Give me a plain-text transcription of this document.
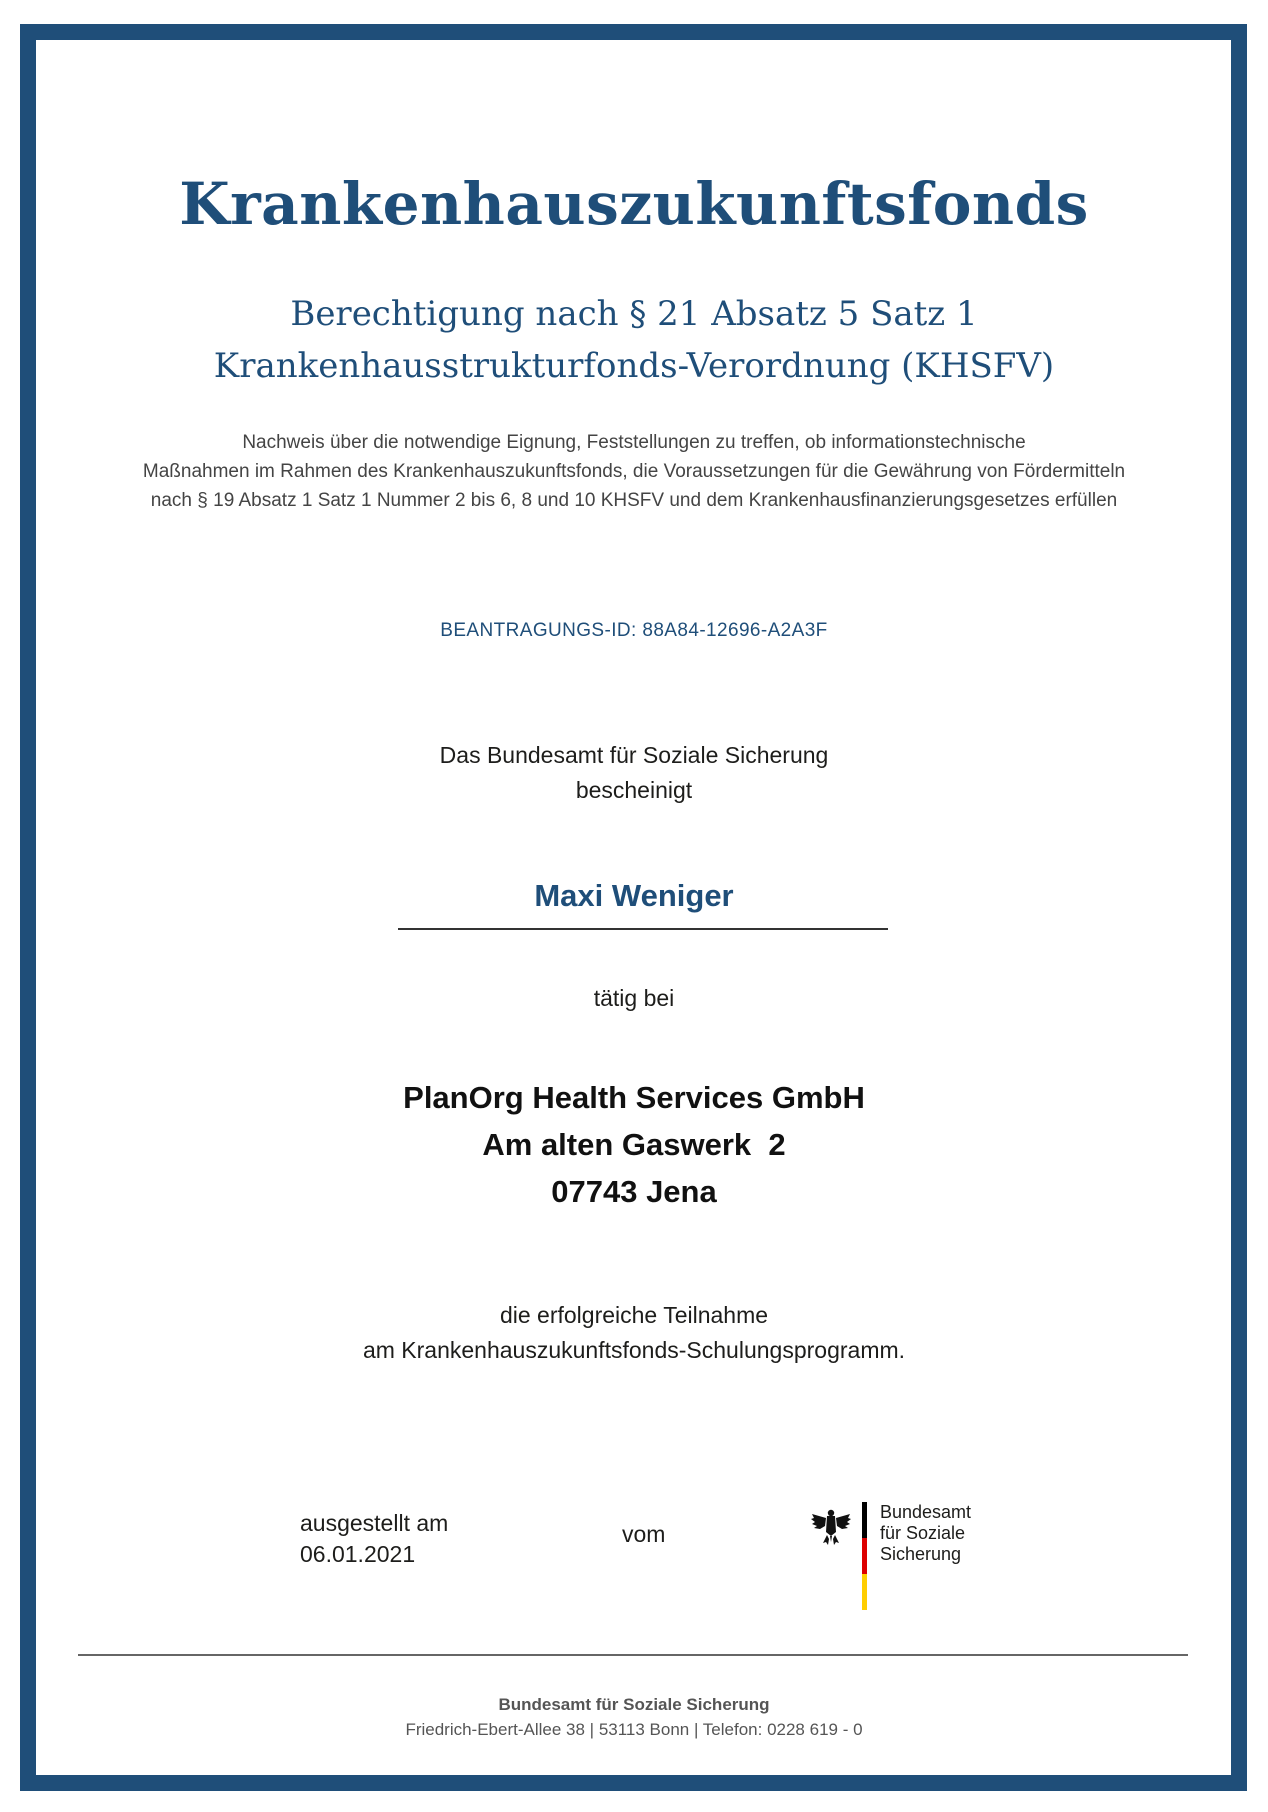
Krankenhauszukunftsfonds
Berechtigung nach § 21 Absatz 5 Satz 1
Krankenhausstrukturfonds-Verordnung (KHSFV)
Nachweis über die notwendige Eignung, Feststellungen zu treffen, ob informationstechnische
Maßnahmen im Rahmen des Krankenhauszukunftsfonds, die Voraussetzungen für die Gewährung von Fördermitteln
nach § 19 Absatz 1 Satz 1 Nummer 2 bis 6, 8 und 10 KHSFV und dem Krankenhausfinanzierungsgesetzes erfüllen
BEANTRAGUNGS-ID: 88A84-12696-A2A3F
Das Bundesamt für Soziale Sicherung
bescheinigt
Maxi Weniger
tätig bei
PlanOrg Health Services GmbH
Am alten Gaswerk  2
07743 Jena
die erfolgreiche Teilnahme
am Krankenhauszukunftsfonds-Schulungsprogramm.
ausgestellt am
06.01.2021
vom
Bundesamt
für Soziale Sicherung
Bundesamt für Soziale Sicherung
Friedrich-Ebert-Allee 38 | 53113 Bonn | Telefon: 0228 619 - 0
